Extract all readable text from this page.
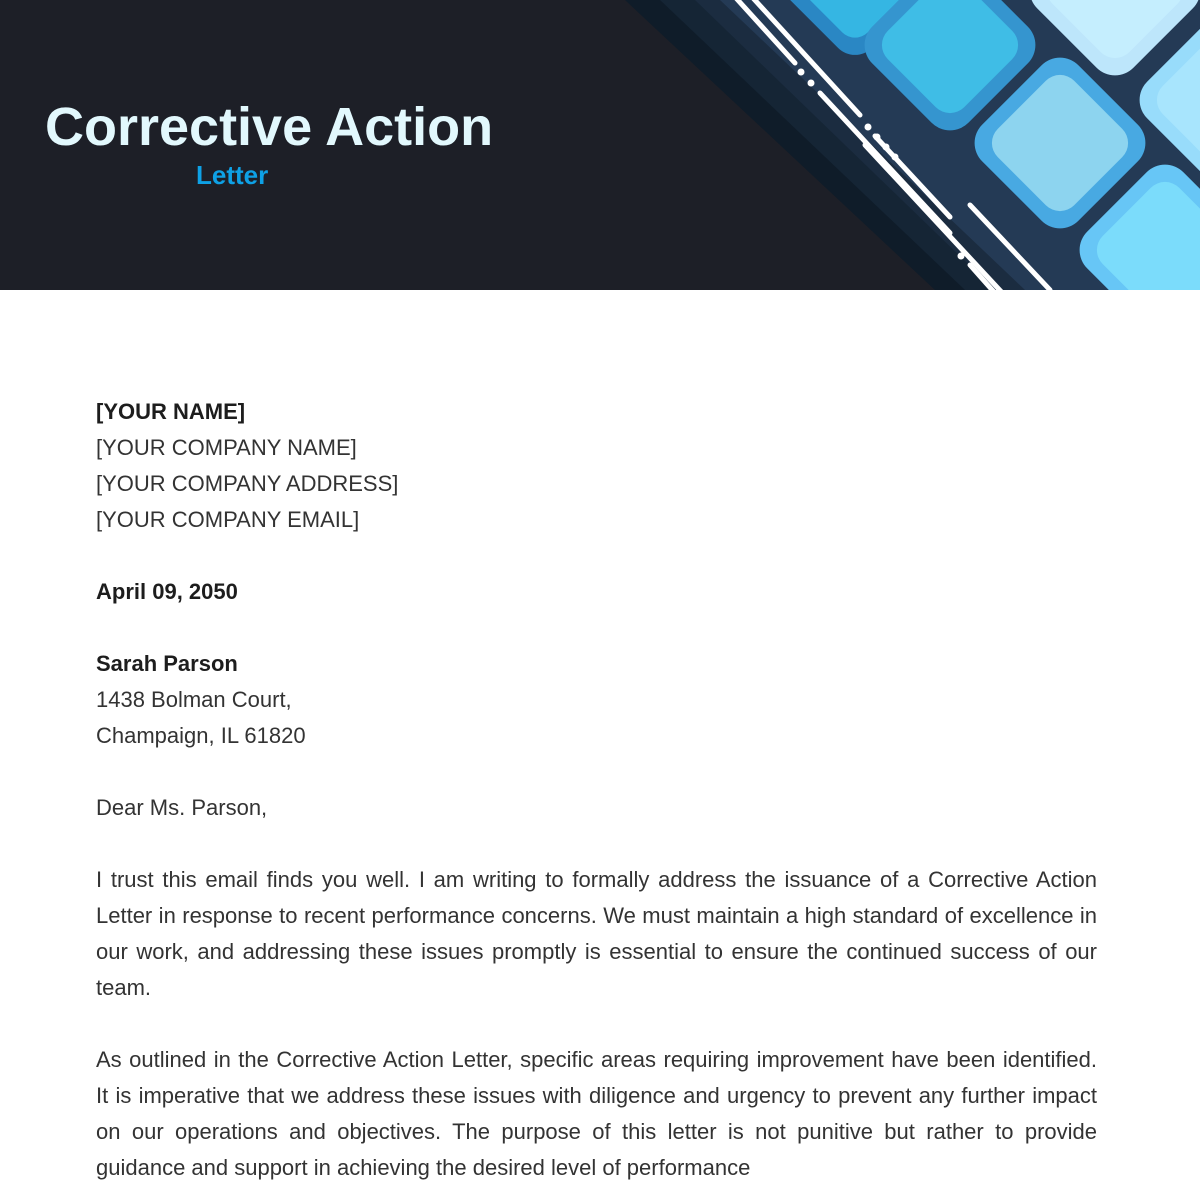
Corrective Action
Letter
[YOUR NAME]
[YOUR COMPANY NAME]
[YOUR COMPANY ADDRESS]
[YOUR COMPANY EMAIL]
April 09, 2050
Sarah Parson
1438 Bolman Court,
Champaign, IL 61820
Dear Ms. Parson,

I trust this email finds you well. I am writing to formally address the issuance of a Corrective Action Letter in response to recent performance concerns. We must maintain a high standard of excellence in our work, and addressing these issues promptly is essential to ensure the continued success of our team.

As outlined in the Corrective Action Letter, specific areas requiring improvement have been identified. It is imperative that we address these issues with diligence and urgency to prevent any further impact on our operations and objectives. The purpose of this letter is not punitive but rather to provide guidance and support in achieving the desired level of performance
